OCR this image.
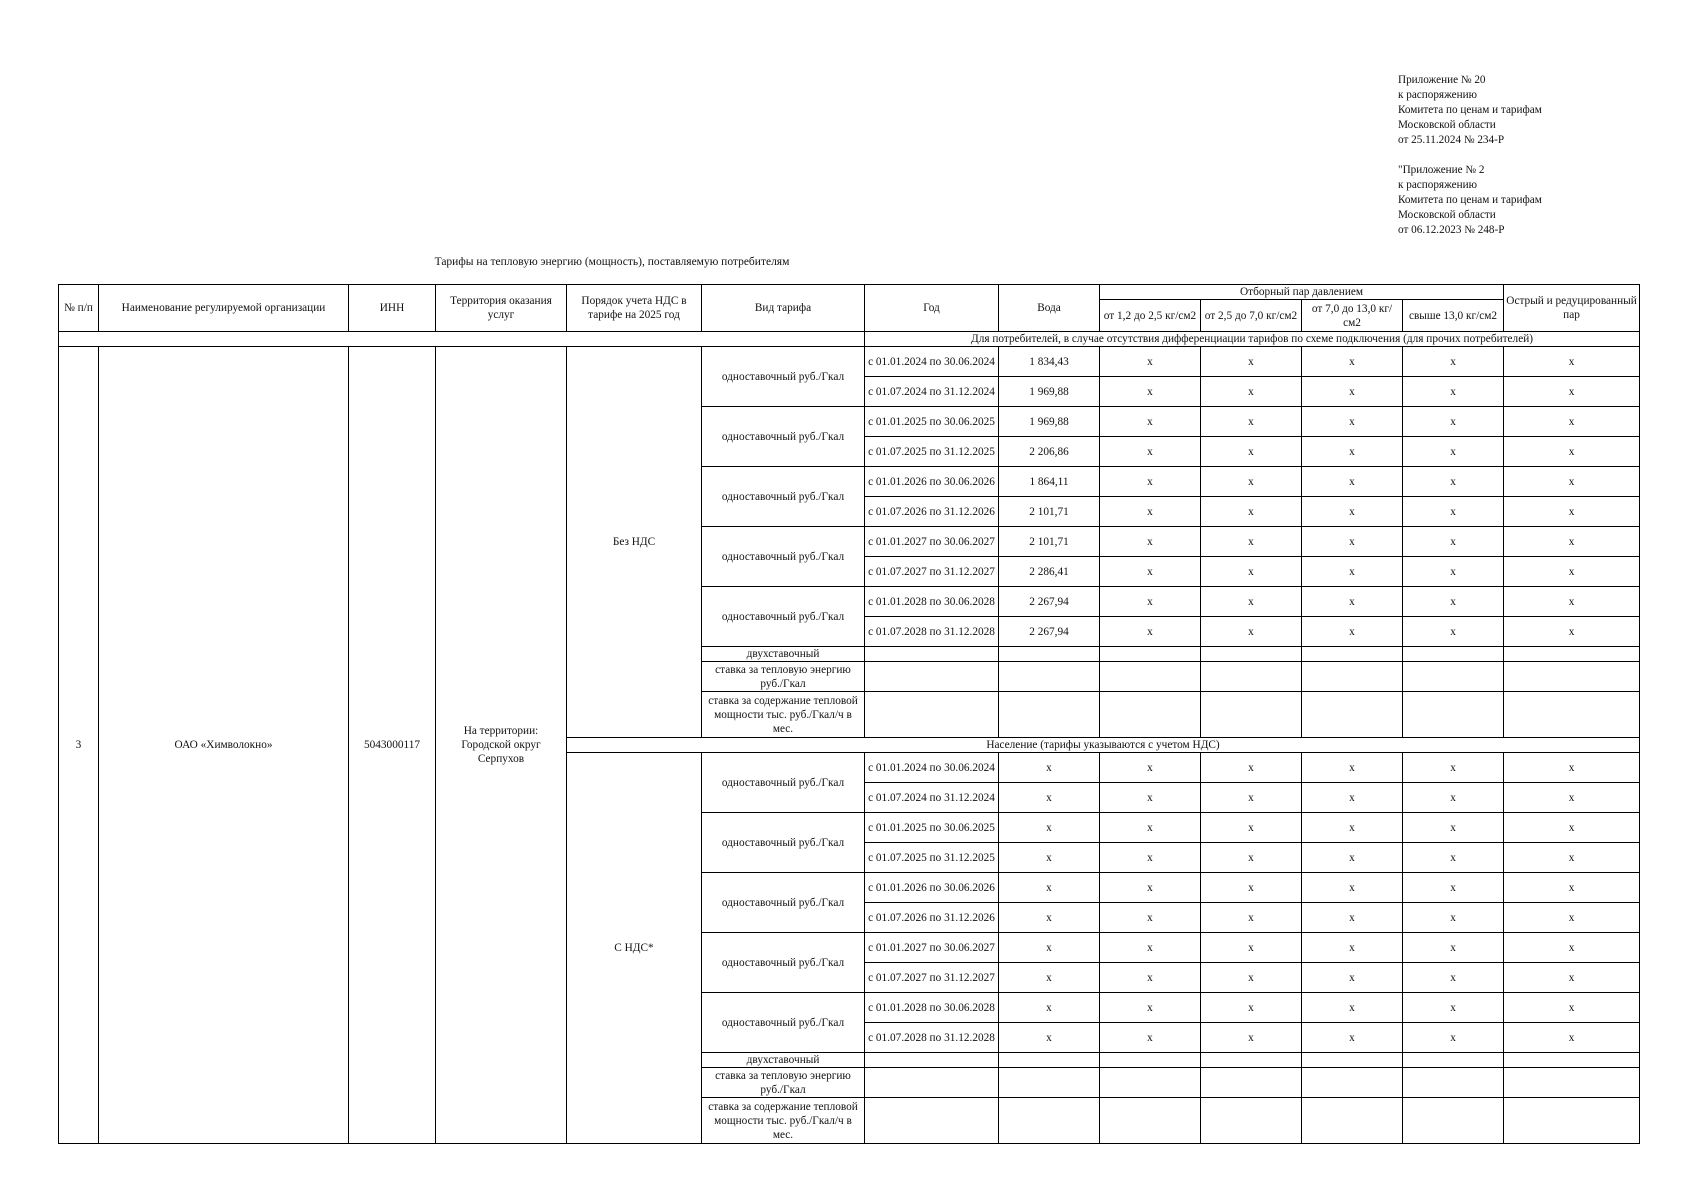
Приложение № 20
к распоряжению
Комитета по ценам и тарифам
Московской области
от 25.11.2024 № 234-Р
"Приложение № 2
к распоряжению
Комитета по ценам и тарифам
Московской области
от 06.12.2023 № 248-Р
Тарифы на тепловую энергию (мощность), поставляемую потребителям
№ п/п	Наименование регулируемой организации	ИНН	Территория оказания услуг	Порядок учета НДС в тарифе на 2025 год	Вид тарифа	Год	Вода	Отборный пар давлением				Острый и редуцированный пар
								от 1,2 до 2,5 кг/см2	от 2,5 до 7,0 кг/см2	от 7,0 до 13,0 кг/см2	свыше 13,0 кг/см2	
						Для потребителей, в случае отсутствия дифференциации тарифов по схеме подключения (для прочих потребителей)						
3	ОАО «Химволокно»	5043000117	На территории: Городской округ Серпухов	Без НДС	одноставочный руб./Гкал	с 01.01.2024 по 30.06.2024	1 834,43	х	х	х	х	х
						с 01.07.2024 по 31.12.2024	1 969,88	х	х	х	х	х
					одноставочный руб./Гкал	с 01.01.2025 по 30.06.2025	1 969,88	х	х	х	х	х
						с 01.07.2025 по 31.12.2025	2 206,86	х	х	х	х	х
					одноставочный руб./Гкал	с 01.01.2026 по 30.06.2026	1 864,11	х	х	х	х	х
						с 01.07.2026 по 31.12.2026	2 101,71	х	х	х	х	х
					одноставочный руб./Гкал	с 01.01.2027 по 30.06.2027	2 101,71	х	х	х	х	х
						с 01.07.2027 по 31.12.2027	2 286,41	х	х	х	х	х
					одноставочный руб./Гкал	с 01.01.2028 по 30.06.2028	2 267,94	х	х	х	х	х
						с 01.07.2028 по 31.12.2028	2 267,94	х	х	х	х	х
					двухставочный							
					ставка за тепловую энергию руб./Гкал							
					ставка за содержание тепловой мощности тыс. руб./Гкал/ч в мес.							
				Население (тарифы указываются с учетом НДС)								
				С НДС*	одноставочный руб./Гкал	с 01.01.2024 по 30.06.2024	х	х	х	х	х	х
						с 01.07.2024 по 31.12.2024	х	х	х	х	х	х
					одноставочный руб./Гкал	с 01.01.2025 по 30.06.2025	х	х	х	х	х	х
						с 01.07.2025 по 31.12.2025	х	х	х	х	х	х
					одноставочный руб./Гкал	с 01.01.2026 по 30.06.2026	х	х	х	х	х	х
						с 01.07.2026 по 31.12.2026	х	х	х	х	х	х
					одноставочный руб./Гкал	с 01.01.2027 по 30.06.2027	х	х	х	х	х	х
						с 01.07.2027 по 31.12.2027	х	х	х	х	х	х
					одноставочный руб./Гкал	с 01.01.2028 по 30.06.2028	х	х	х	х	х	х
						с 01.07.2028 по 31.12.2028	х	х	х	х	х	х
					двухставочный							
					ставка за тепловую энергию руб./Гкал							
					ставка за содержание тепловой мощности тыс. руб./Гкал/ч в мес.							
